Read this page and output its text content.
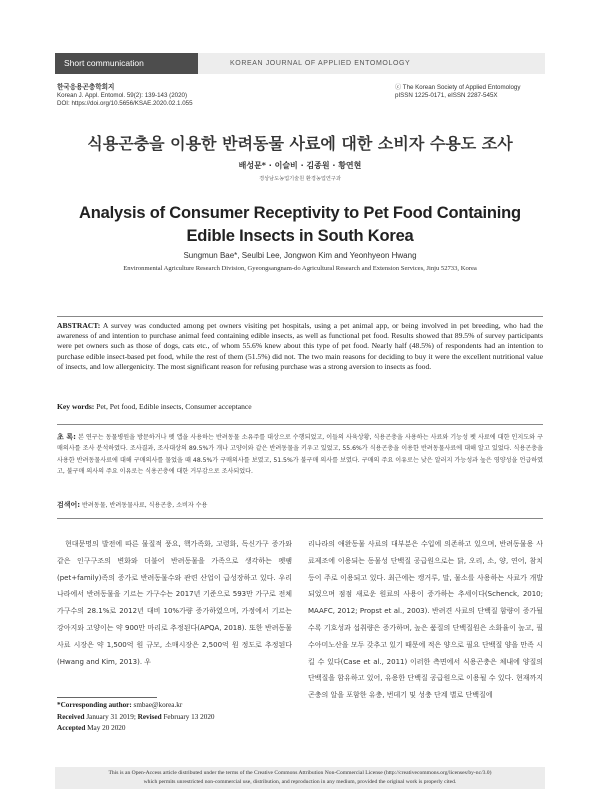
Short communication	KOREAN JOURNAL OF APPLIED ENTOMOLOGY
한국응용곤충학회지
Korean J. Appl. Entomol. 59(2): 139-143 (2020)
DOI: https://doi.org/10.5656/KSAE.2020.02.1.055
ⓒ The Korean Society of Applied Entomology
pISSN 1225-0171, eISSN 2287-545X
식용곤충을 이용한 반려동물 사료에 대한 소비자 수용도 조사
배성문* · 이슬비 · 김종원 · 황연현
경상남도농업기술원 환경농업연구과
Analysis of Consumer Receptivity to Pet Food Containing Edible Insects in South Korea
Sungmun Bae*, Seulbi Lee, Jongwon Kim and Yeonhyeon Hwang
Environmental Agriculture Research Division, Gyeongsangnam-do Agricultural Research and Extension Services, Jinju 52733, Korea
ABSTRACT: A survey was conducted among pet owners visiting pet hospitals, using a pet animal app, or being involved in pet breeding, who had the awareness of and intention to purchase animal feed containing edible insects, as well as functional pet food. Results showed that 89.5% of survey participants were pet owners such as those of dogs, cats etc., of whom 55.6% knew about this type of pet food. Nearly half (48.5%) of respondents had an intention to purchase edible insect-based pet food, while the rest of them (51.5%) did not. The two main reasons for deciding to buy it were the excellent nutritional value of insects, and low allergenicity. The most significant reason for refusing purchase was a strong aversion to insects as food.
Key words: Pet, Pet food, Edible insects, Consumer acceptance
초 록: 본 연구는 동물병원을 방문하거나 펫 앱을 사용하는 반려동물 소유주를 대상으로 수행되었고, 이들의 사육상황, 식용곤충을 사용하는 사료와 기능성 펫 사료에 대한 인지도와 구매의사를 조사 분석하였다. 조사결과, 조사대상의 89.5%가 개나 고양이와 같은 반려동물을 키우고 있었고, 55.6%가 식용곤충을 이용한 반려동물사료에 대해 알고 있었다. 식용곤충을 사용한 반려동물사료에 대해 구매의사를 물었을 때 48.5%가 구매의사를 보였고, 51.5%가 불구매 의사를 보였다. 구매의 주요 이유로는 낮은 알러지 가능성과 높은 영양성을 언급하였고, 불구매 의사의 주요 이유로는 식용곤충에 대한 거부감으로 조사되었다.
검색어: 반려동물, 반려동물사료, 식용곤충, 소비자 수용

현대문명의 발전에 따른 물질적 풍요, 핵가족화, 고령화, 독신가구 증가와 같은 인구구조의 변화와 더불어 반려동물을 가족으로 생각하는 펫팸(pet+family)족의 증가로 반려동물수와 관련 산업이 급성장하고 있다. 우리나라에서 반려동물을 기르는 가구수는 2017년 기준으로 593만 가구로 전체가구수의 28.1%로 2012년 대비 10%가량 증가하였으며, 가정에서 기르는 강아지와 고양이는 약 900만 마리로 추정된다(APQA, 2018). 또한 반려동물 사료 시장은 약 1,500억 원 규모, 소매시장은 2,500억 원 정도로 추정된다(Hwang and Kim, 2013). 우

리나라의 애완동물 사료의 대부분은 수입에 의존하고 있으며, 반려동물용 사료제조에 이용되는 동물성 단백질 공급원으로는 닭, 오리, 소, 양, 연어, 참치 등이 주로 이용되고 있다. 최근에는 캥거루, 말, 물소를 사용하는 사료가 개발 되었으며 점점 새로운 원료의 사용이 증가하는 추세이다(Schenck, 2010; MAAFC, 2012; Propst et al., 2003). 반려견 사료의 단백질 함량이 증가될수록 기호성과 섭취량은 증가하며, 높은 품질의 단백질원은 소화율이 높고, 필수아미노산을 모두 갖추고 있기 때문에 적은 양으로 필요 단백질 양을 만족 시킬 수 있다(Case et al., 2011) 이러한 측면에서 식용곤충은 체내에 양질의 단백질을 함유하고 있어, 유용한 단백질 공급원으로 이용될 수 있다. 현재까지 곤충의 알을 포함한 유충, 번데기 및 성충 단계 별로 단백질에

*Corresponding author: smbae@korea.kr
Received January 31 2019; Revised February 13 2020
Accepted May 20 2020
This is an Open-Access article distributed under the terms of the Creative Commons Attribution Non-Commercial License (http://creativecommons.org/licenses/by-nc/3.0)
which permits unrestricted non-commercial use, distribution, and reproduction in any medium, provided the original work is properly cited.
